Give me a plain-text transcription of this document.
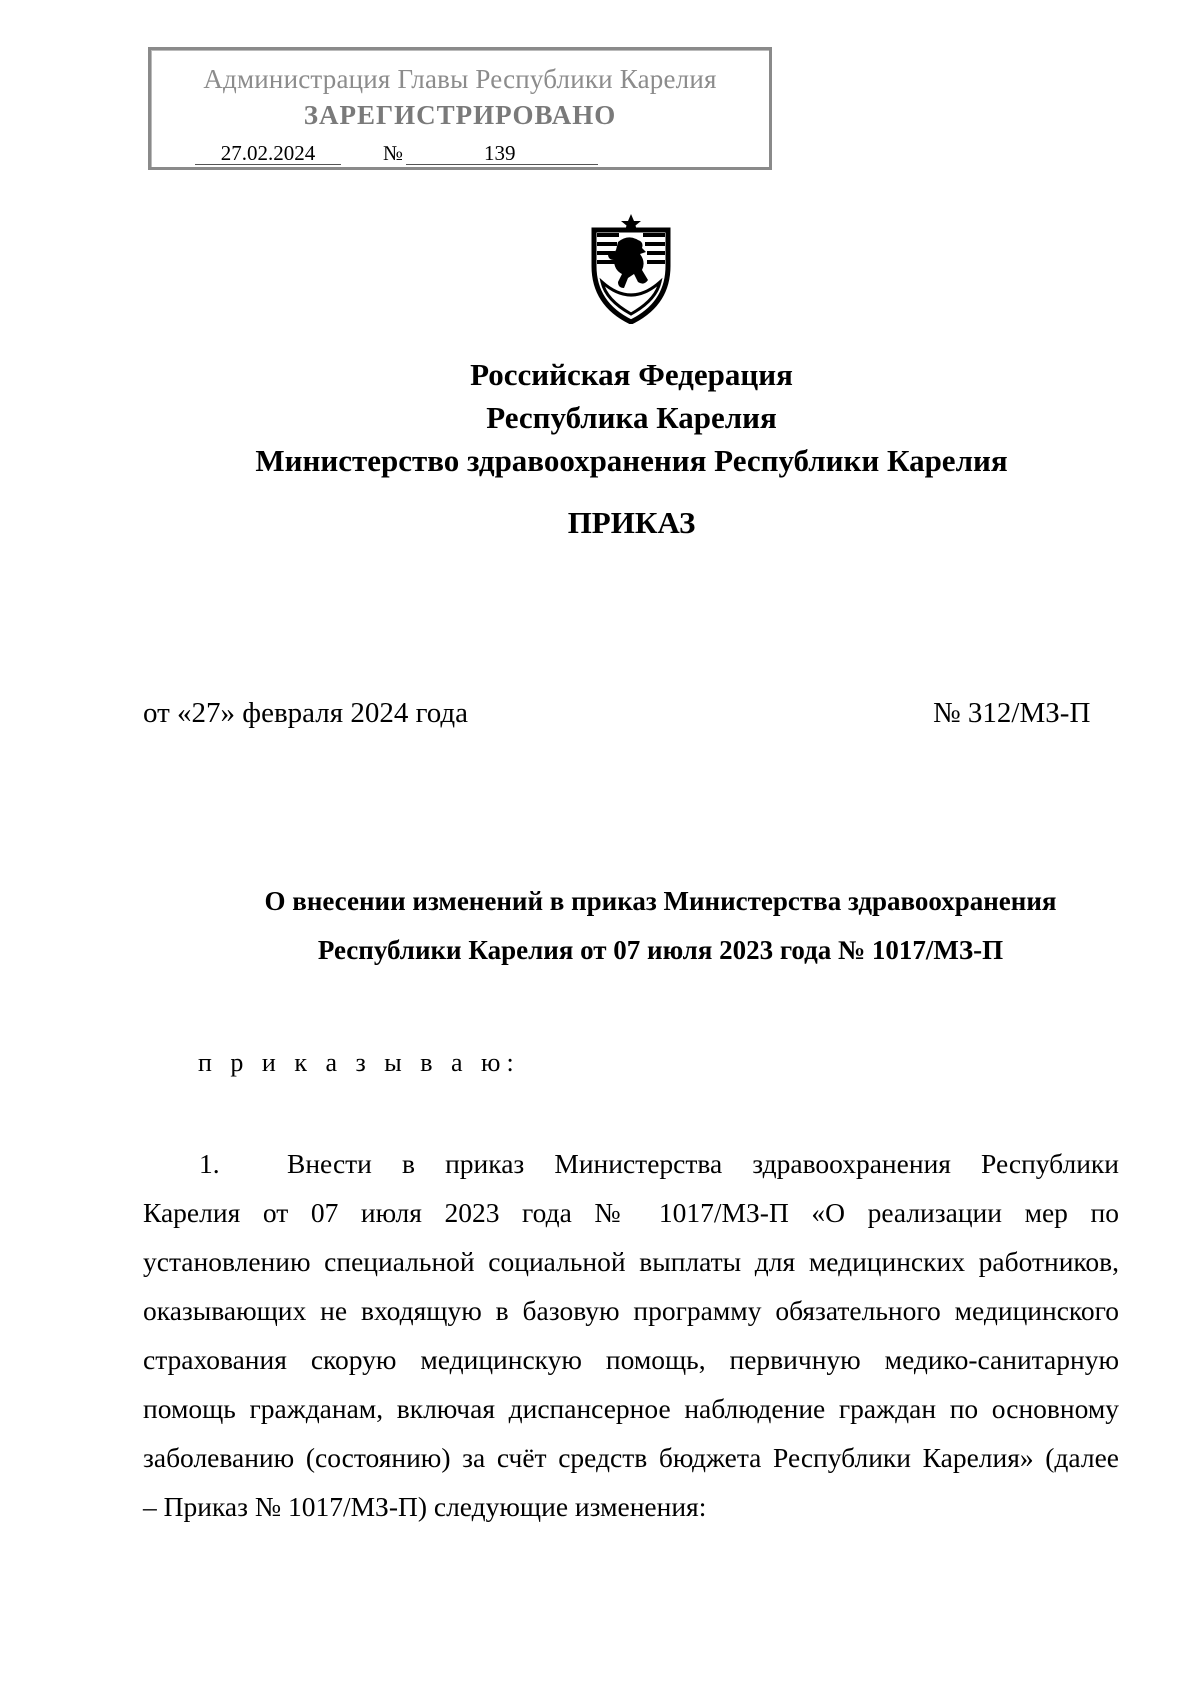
Администрация Главы Республики Карелия
ЗАРЕГИСТРИРОВАНО
27.02.2024	№	139
Российская Федерация
Республика Карелия
Министерство здравоохранения Республики Карелия
ПРИКАЗ
от «27» февраля 2024 года	№ 312/МЗ-П
О внесении изменений в приказ Министерства здравоохранения
Республики Карелия от 07 июля 2023 года № 1017/МЗ-П
п р и к а з ы в а ю:
1. Внести в приказ Министерства здравоохранения Республики
Карелия от 07 июля 2023 года № 1017/МЗ-П «О реализации мер по
установлению специальной социальной выплаты для медицинских работников,
оказывающих не входящую в базовую программу обязательного медицинского
страхования скорую медицинскую помощь, первичную медико-санитарную
помощь гражданам, включая диспансерное наблюдение граждан по основному
заболеванию (состоянию) за счёт средств бюджета Республики Карелия» (далее
– Приказ № 1017/МЗ-П) следующие изменения:
